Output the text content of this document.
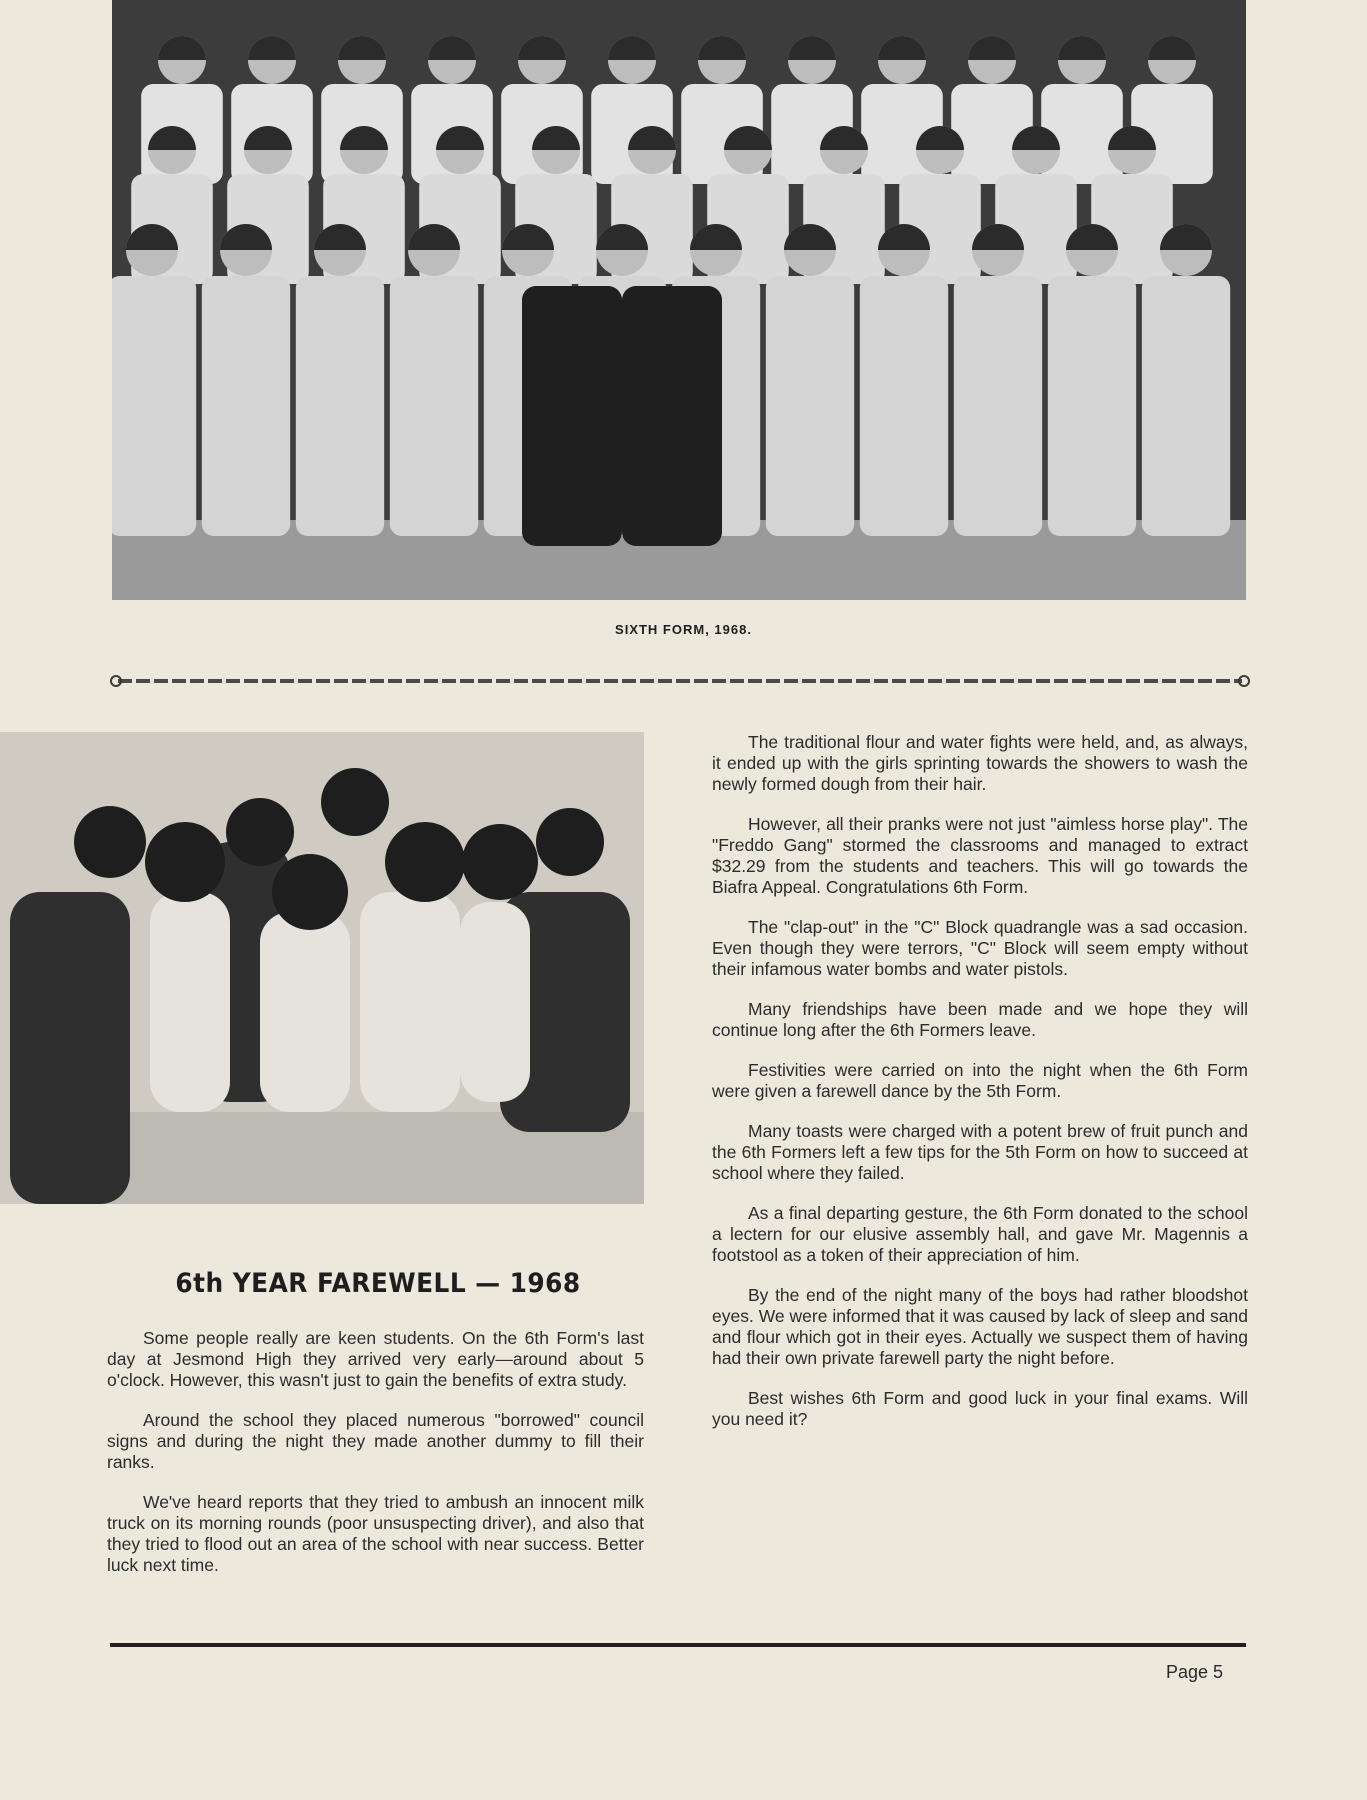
SIXTH FORM, 1968.
6th YEAR FAREWELL — 1968

Some people really are keen students. On the 6th Form's last day at Jesmond High they arrived very early—around about 5 o'clock. However, this wasn't just to gain the benefits of extra study.

Around the school they placed numerous "borrowed" council signs and during the night they made another dummy to fill their ranks.

We've heard reports that they tried to ambush an innocent milk truck on its morning rounds (poor unsuspecting driver), and also that they tried to flood out an area of the school with near success. Better luck next time.

The traditional flour and water fights were held, and, as always, it ended up with the girls sprinting towards the showers to wash the newly formed dough from their hair.

However, all their pranks were not just "aimless horse play". The "Freddo Gang" stormed the classrooms and managed to extract $32.29 from the students and teachers. This will go towards the Biafra Appeal. Congratulations 6th Form.

The "clap-out" in the "C" Block quadrangle was a sad occasion. Even though they were terrors, "C" Block will seem empty without their infamous water bombs and water pistols.

Many friendships have been made and we hope they will continue long after the 6th Formers leave.

Festivities were carried on into the night when the 6th Form were given a farewell dance by the 5th Form.

Many toasts were charged with a potent brew of fruit punch and the 6th Formers left a few tips for the 5th Form on how to succeed at school where they failed.

As a final departing gesture, the 6th Form donated to the school a lectern for our elusive assembly hall, and gave Mr. Magennis a footstool as a token of their appreciation of him.

By the end of the night many of the boys had rather bloodshot eyes. We were informed that it was caused by lack of sleep and sand and flour which got in their eyes. Actually we suspect them of having had their own private farewell party the night before.

Best wishes 6th Form and good luck in your final exams. Will you need it?

Page 5
